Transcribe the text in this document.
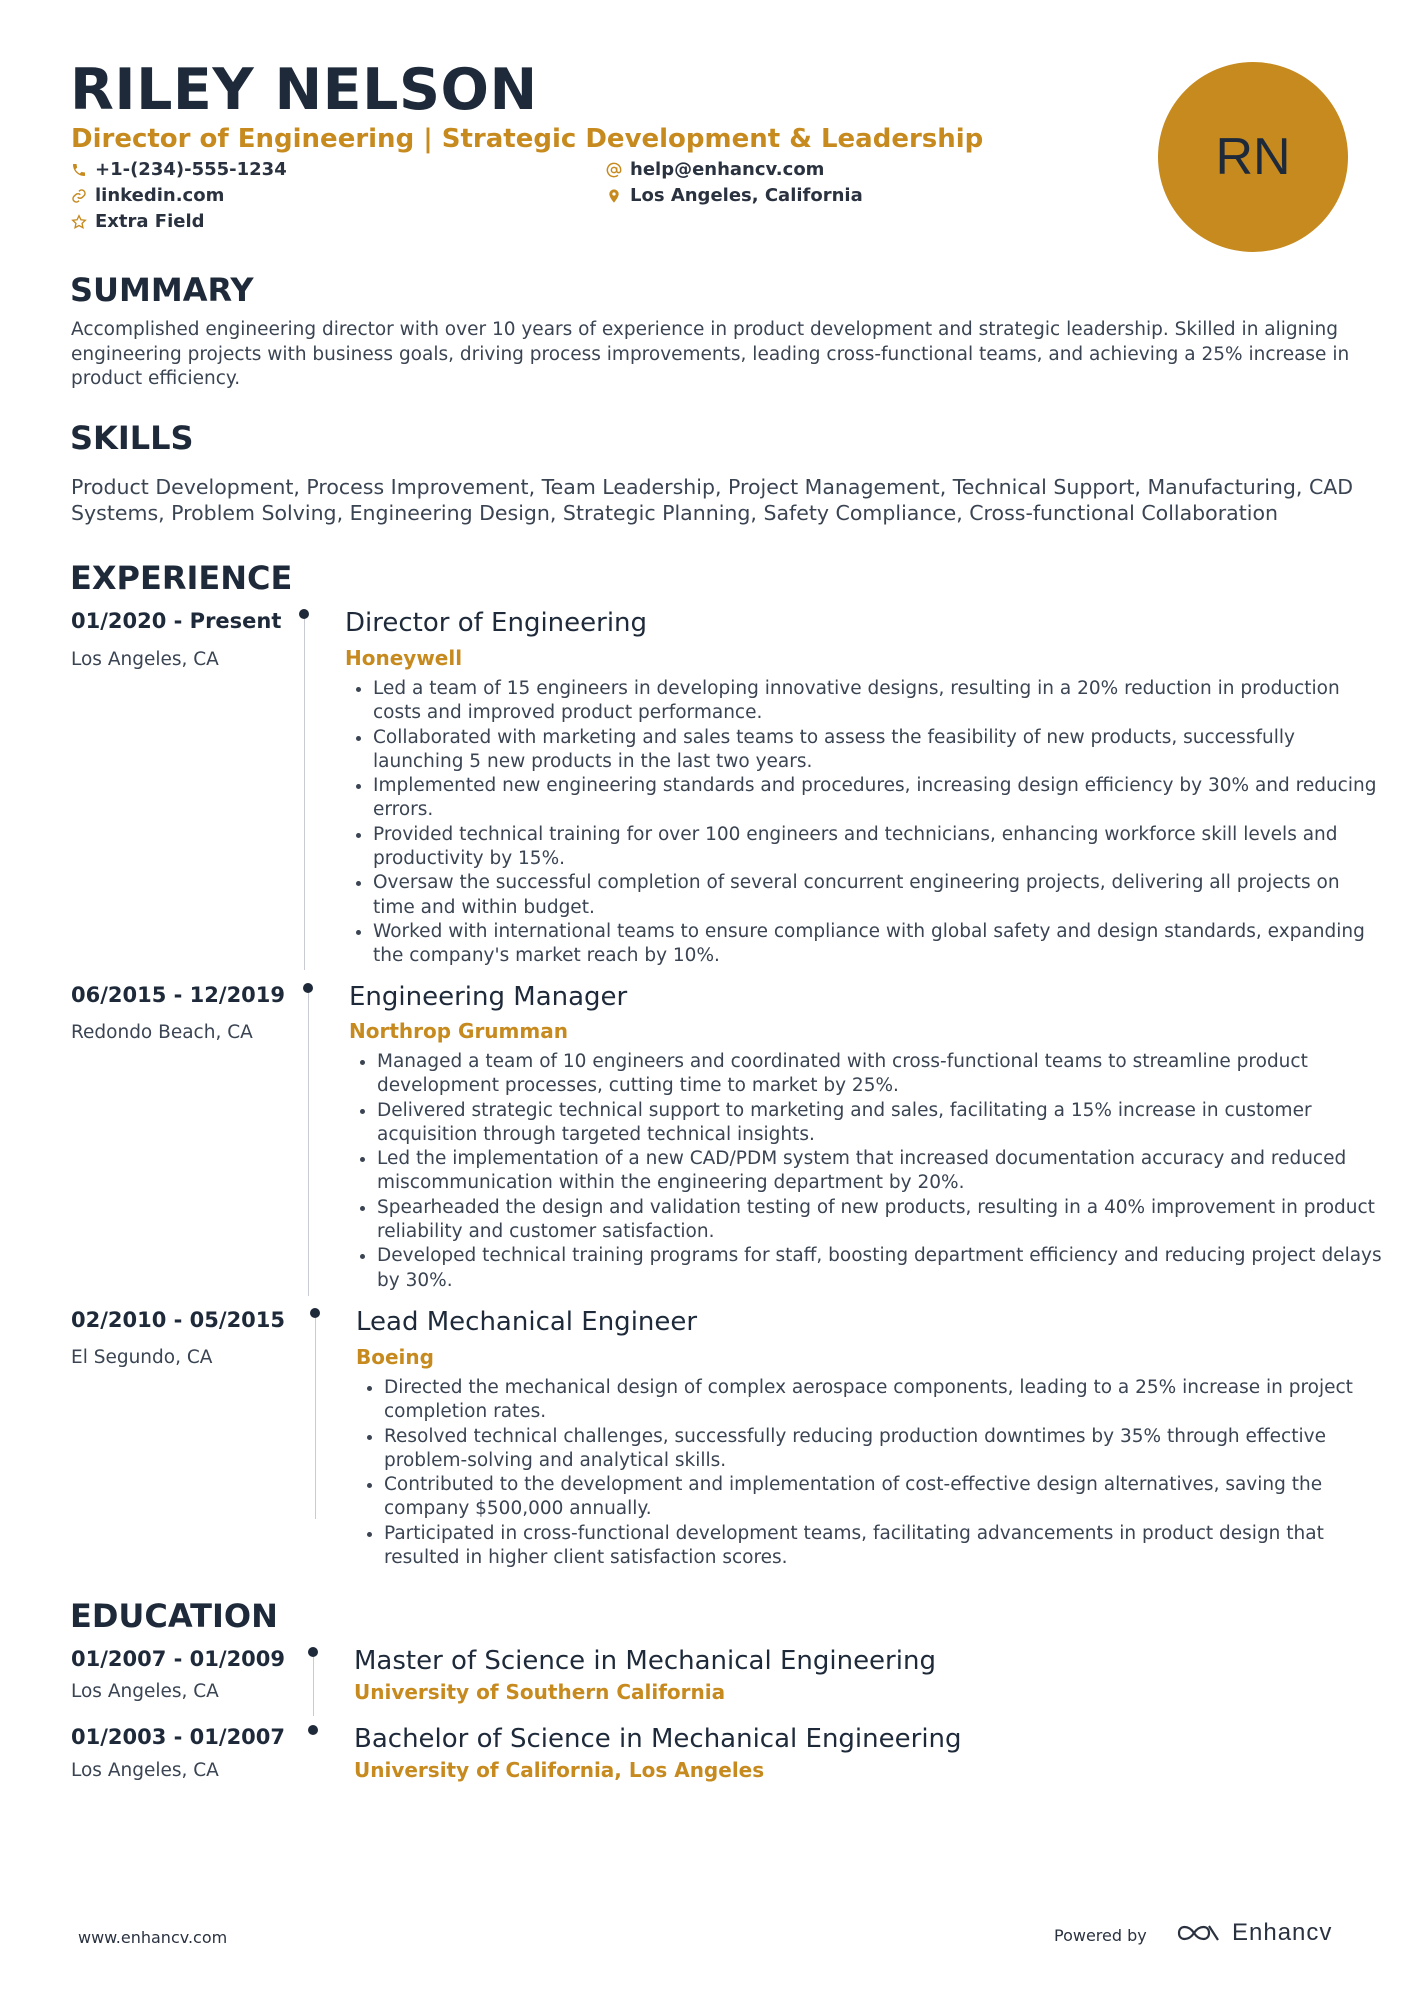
RILEY NELSON
Director of Engineering | Strategic Development & Leadership
+1-(234)-555-1234	help@enhancv.com
linkedin.com	Los Angeles, California
Extra Field
RN
SUMMARY

Accomplished engineering director with over 10 years of experience in product development and strategic leadership. Skilled in aligning engineering projects with business goals, driving process improvements, leading cross-functional teams, and achieving a 25% increase in product efficiency.

SKILLS

Product Development, Process Improvement, Team Leadership, Project Management, Technical Support, Manufacturing, CAD Systems, Problem Solving, Engineering Design, Strategic Planning, Safety Compliance, Cross-functional Collaboration

EXPERIENCE
01/2020 - Present
Los Angeles, CA
Director of Engineering
Honeywell
• Led a team of 15 engineers in developing innovative designs, resulting in a 20% reduction in production costs and improved product performance.
• Collaborated with marketing and sales teams to assess the feasibility of new products, successfully launching 5 new products in the last two years.
• Implemented new engineering standards and procedures, increasing design efficiency by 30% and reducing errors.
• Provided technical training for over 100 engineers and technicians, enhancing workforce skill levels and productivity by 15%.
• Oversaw the successful completion of several concurrent engineering projects, delivering all projects on time and within budget.
• Worked with international teams to ensure compliance with global safety and design standards, expanding the company's market reach by 10%.
06/2015 - 12/2019
Redondo Beach, CA
Engineering Manager
Northrop Grumman
• Managed a team of 10 engineers and coordinated with cross-functional teams to streamline product development processes, cutting time to market by 25%.
• Delivered strategic technical support to marketing and sales, facilitating a 15% increase in customer acquisition through targeted technical insights.
• Led the implementation of a new CAD/PDM system that increased documentation accuracy and reduced miscommunication within the engineering department by 20%.
• Spearheaded the design and validation testing of new products, resulting in a 40% improvement in product reliability and customer satisfaction.
• Developed technical training programs for staff, boosting department efficiency and reducing project delays by 30%.
02/2010 - 05/2015
El Segundo, CA
Lead Mechanical Engineer
Boeing
• Directed the mechanical design of complex aerospace components, leading to a 25% increase in project completion rates.
• Resolved technical challenges, successfully reducing production downtimes by 35% through effective problem-solving and analytical skills.
• Contributed to the development and implementation of cost-effective design alternatives, saving the company $500,000 annually.
• Participated in cross-functional development teams, facilitating advancements in product design that resulted in higher client satisfaction scores.
EDUCATION
01/2007 - 01/2009
Los Angeles, CA
Master of Science in Mechanical Engineering
University of Southern California
01/2003 - 01/2007
Los Angeles, CA
Bachelor of Science in Mechanical Engineering
University of California, Los Angeles
www.enhancv.com	Powered by	Enhancv
